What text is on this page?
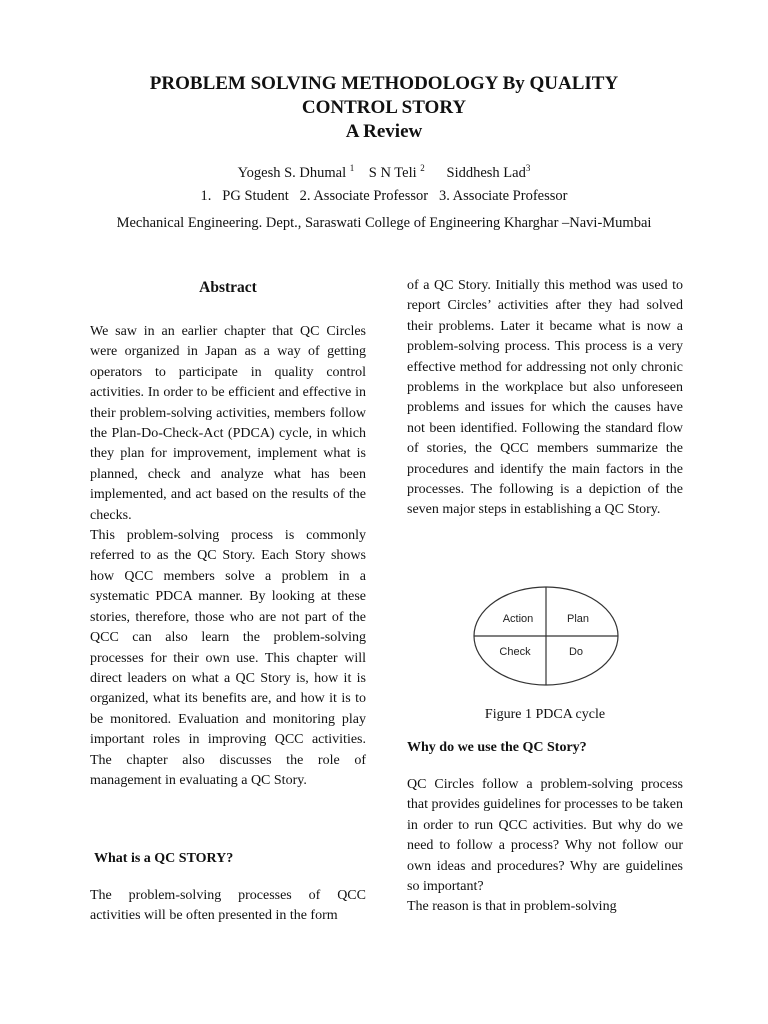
PROBLEM SOLVING METHODOLOGY By QUALITY
CONTROL STORY
A Review
Yogesh S. Dhumal $^1$ S N Teli $^2$ Siddhesh Lad$^3$
1.   PG Student   2. Associate Professor   3. Associate Professor
Mechanical Engineering. Dept., Saraswati College of Engineering Kharghar –Navi-Mumbai
Abstract

We saw in an earlier chapter that QC Circles were organized in Japan as a way of getting operators to participate in quality control activities. In order to be efficient and effective in their problem-solving activities, members follow the Plan-Do-Check-Act (PDCA) cycle, in which they plan for improvement, implement what is planned, check and analyze what has been implemented, and act based on the results of the checks.

This problem-solving process is commonly referred to as the QC Story. Each Story shows how QCC members solve a problem in a systematic PDCA manner. By looking at these stories, therefore, those who are not part of the QCC can also learn the problem-solving processes for their own use. This chapter will direct leaders on what a QC Story is, how it is organized, what its benefits are, and how it is to be monitored. Evaluation and monitoring play important roles in improving QCC activities. The chapter also discusses the role of management in evaluating a QC Story.

What is a QC STORY?

The problem-solving processes of QCC activities will be often presented in the form

of a QC Story. Initially this method was used to report Circles’ activities after they had solved their problems. Later it became what is now a problem-solving process. This process is a very effective method for addressing not only chronic problems in the workplace but also unforeseen problems and issues for which the causes have not been identified. Following the standard flow of stories, the QCC members summarize the procedures and identify the main factors in the processes. The following is a depiction of the seven major steps in establishing a QC Story.

Action	Plan
Check	Do
Figure 1 PDCA cycle
Why do we use the QC Story?

QC Circles follow a problem-solving process that provides guidelines for processes to be taken in order to run QCC activities. But why do we need to follow a process? Why not follow our own ideas and procedures? Why are guidelines so important?

The reason is that in problem-solving
